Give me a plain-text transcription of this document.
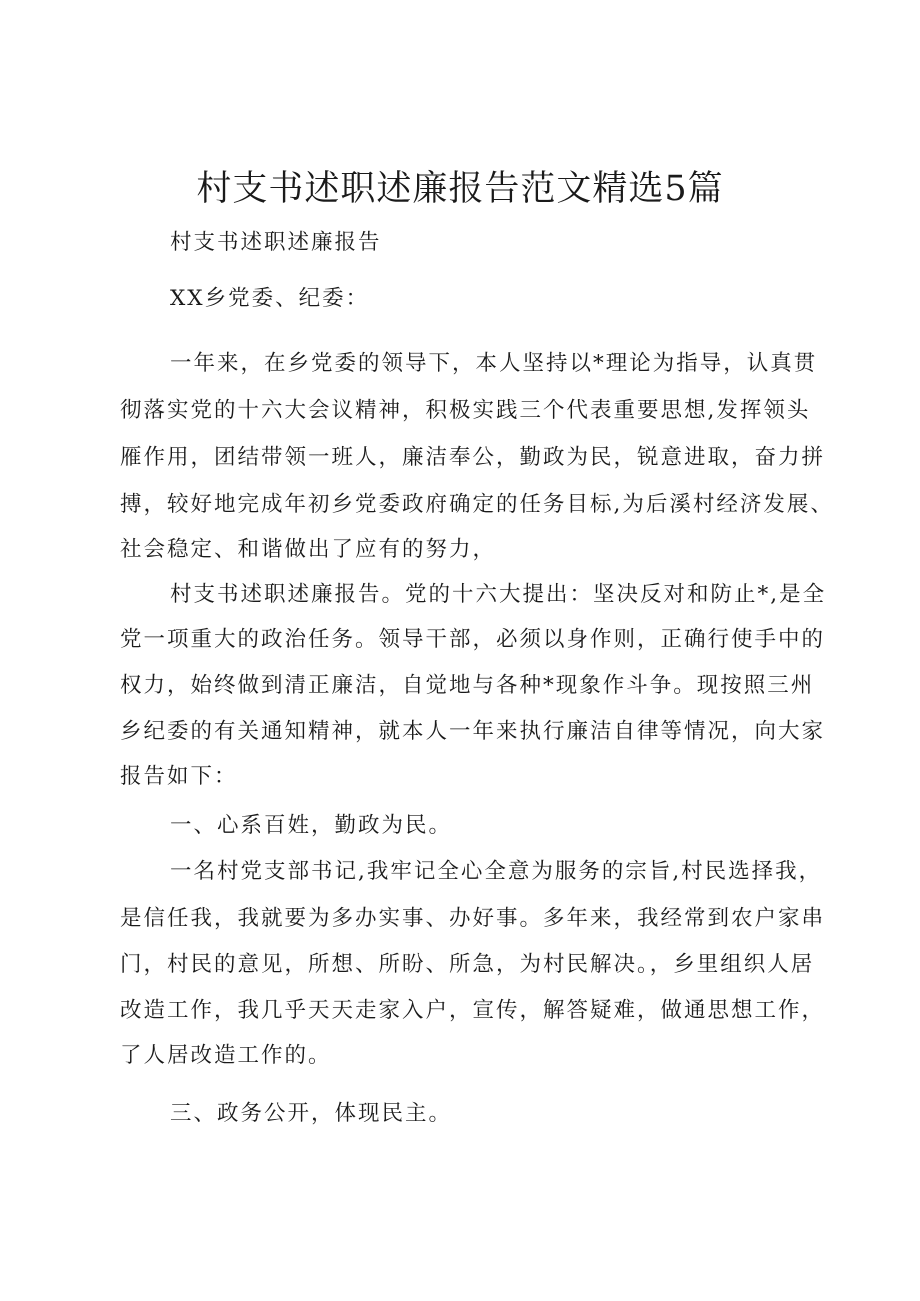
村支书述职述廉报告范文精选5篇

村支书述职述廉报告

XX乡党委、纪委：

一年来，在乡党委的领导下，本人坚持以*理论为指导，认真贯

彻落实党的十六大会议精神，积极实践三个代表重要思想,发挥领头

雁作用，团结带领一班人，廉洁奉公，勤政为民，锐意进取，奋力拼

搏，较好地完成年初乡党委政府确定的任务目标,为后溪村经济发展、

社会稳定、和谐做出了应有的努力，

村支书述职述廉报告。党的十六大提出：坚决反对和防止*,是全

党一项重大的政治任务。领导干部，必须以身作则，正确行使手中的

权力，始终做到清正廉洁，自觉地与各种*现象作斗争。现按照三州

乡纪委的有关通知精神，就本人一年来执行廉洁自律等情况，向大家

报告如下：

一、心系百姓，勤政为民。

一名村党支部书记,我牢记全心全意为服务的宗旨,村民选择我，

是信任我，我就要为多办实事、办好事。多年来，我经常到农户家串

门，村民的意见，所想、所盼、所急，为村民解决。，乡里组织人居

改造工作，我几乎天天走家入户，宣传，解答疑难，做通思想工作，

了人居改造工作的。

三、政务公开，体现民主。
